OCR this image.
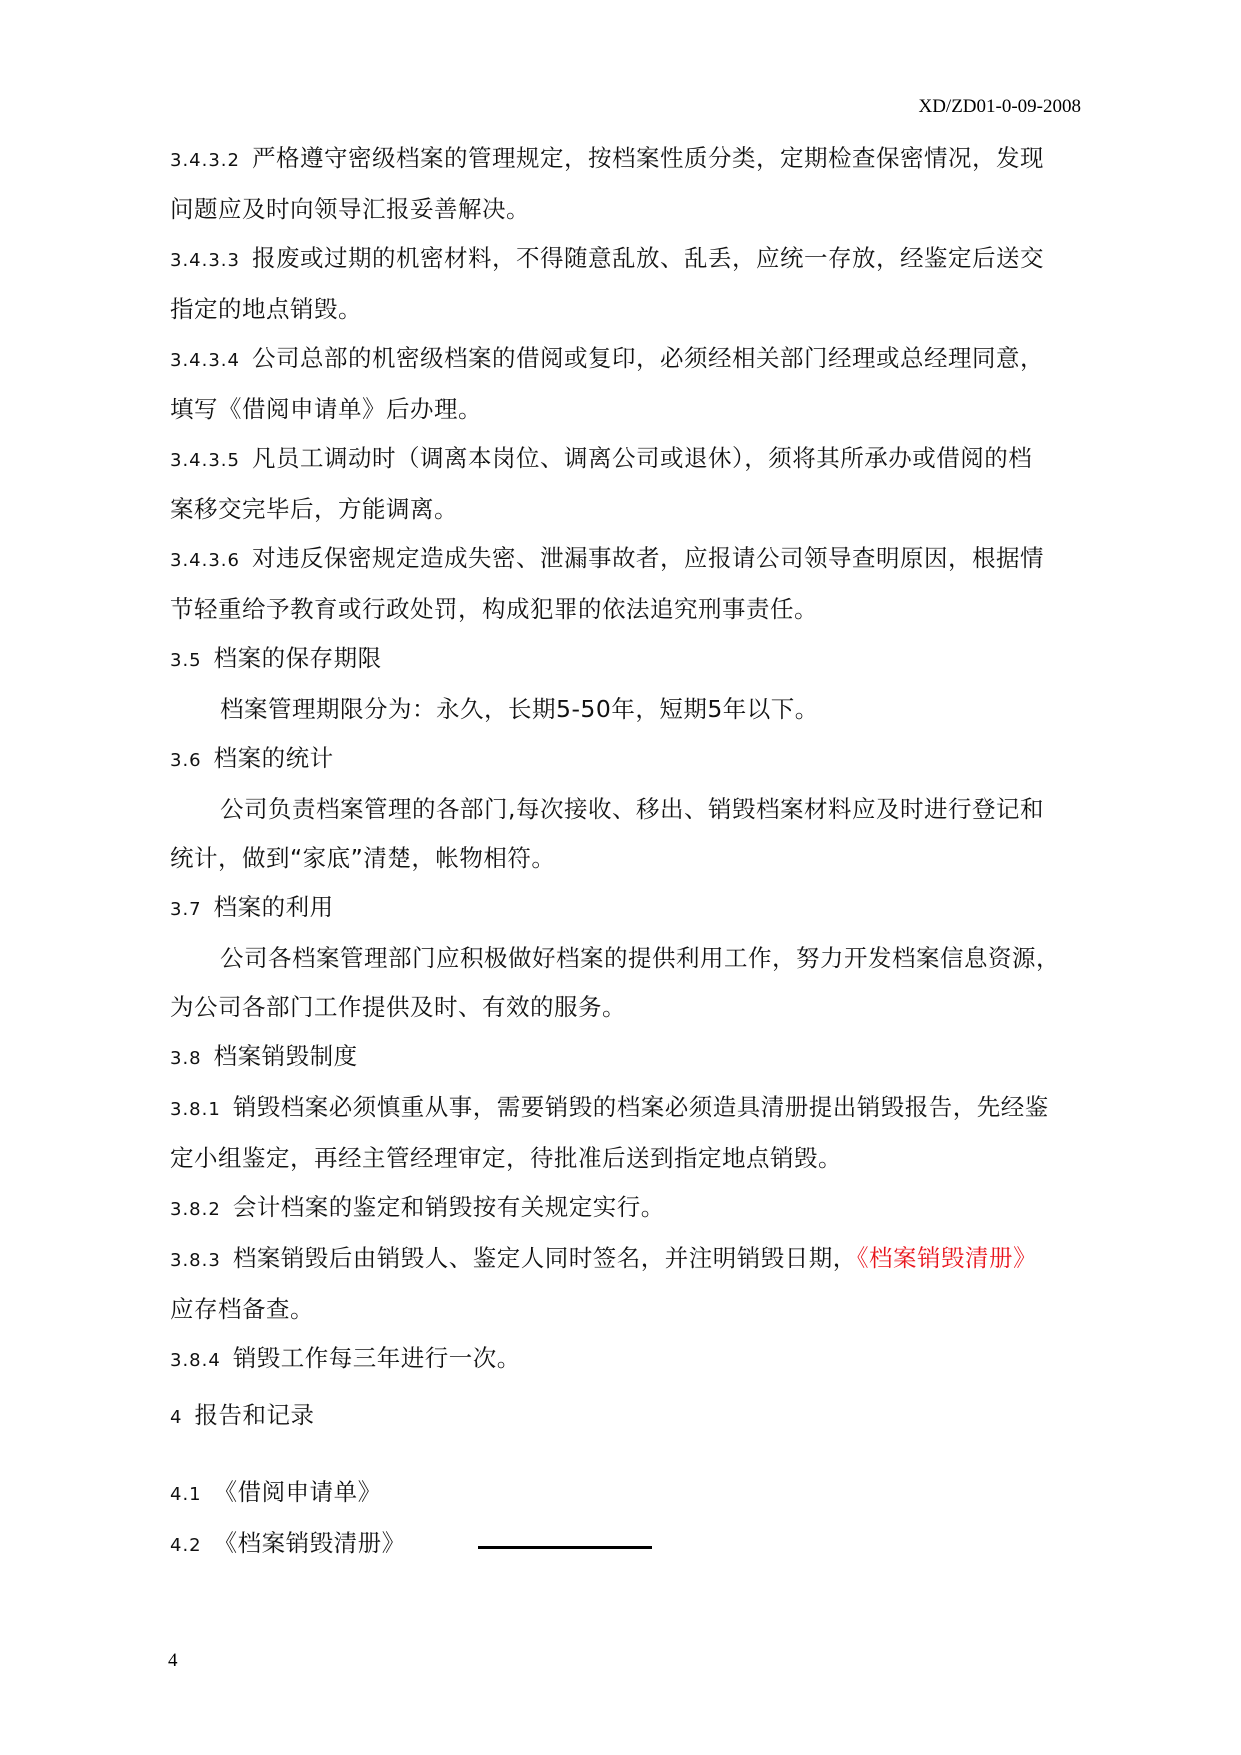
XD/ZD01-0-09-2008
3.4.3.2 严格遵守密级档案的管理规定，按档案性质分类，定期检查保密情况，发现
问题应及时向领导汇报妥善解决。
3.4.3.3 报废或过期的机密材料，不得随意乱放、乱丢，应统一存放，经鉴定后送交
指定的地点销毁。
3.4.3.4 公司总部的机密级档案的借阅或复印，必须经相关部门经理或总经理同意，
填写《借阅申请单》后办理。
3.4.3.5 凡员工调动时（调离本岗位、调离公司或退休），须将其所承办或借阅的档
案移交完毕后，方能调离。
3.4.3.6 对违反保密规定造成失密、泄漏事故者，应报请公司领导查明原因，根据情
节轻重给予教育或行政处罚，构成犯罪的依法追究刑事责任。
3.5 档案的保存期限
档案管理期限分为：永久，长期5-50年，短期5年以下。
3.6 档案的统计
公司负责档案管理的各部门,每次接收、移出、销毁档案材料应及时进行登记和
统计，做到“家底”清楚，帐物相符。
3.7 档案的利用
公司各档案管理部门应积极做好档案的提供利用工作，努力开发档案信息资源，
为公司各部门工作提供及时、有效的服务。
3.8 档案销毁制度
3.8.1 销毁档案必须慎重从事，需要销毁的档案必须造具清册提出销毁报告，先经鉴
定小组鉴定，再经主管经理审定，待批准后送到指定地点销毁。
3.8.2 会计档案的鉴定和销毁按有关规定实行。
3.8.3 档案销毁后由销毁人、鉴定人同时签名，并注明销毁日期，《档案销毁清册》
应存档备查。
3.8.4 销毁工作每三年进行一次。
4 报告和记录
4.1 《借阅申请单》
4.2 《档案销毁清册》
4
